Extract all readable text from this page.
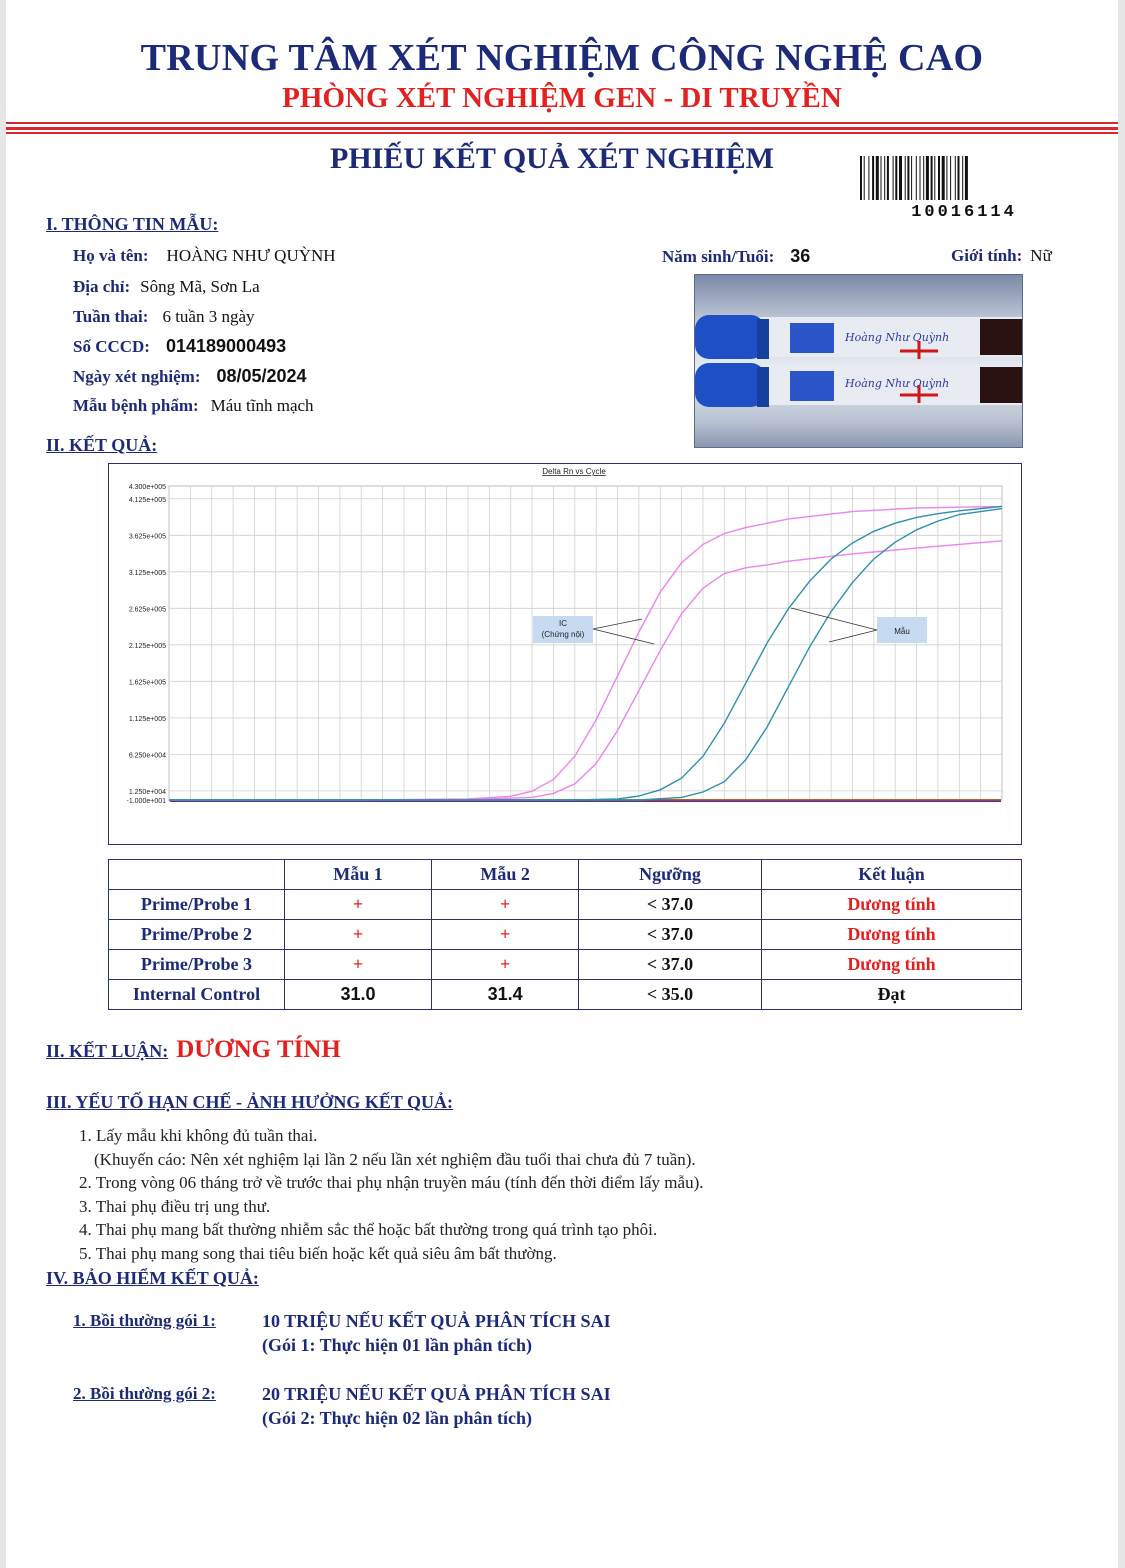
TRUNG TÂM XÉT NGHIỆM CÔNG NGHỆ CAO
PHÒNG XÉT NGHIỆM GEN - DI TRUYỀN
PHIẾU KẾT QUẢ XÉT NGHIỆM
10016114
I. THÔNG TIN MẪU:
Họ và tên: HOÀNG NHƯ QUỲNH	Năm sinh/Tuổi: 36	Giới tính: Nữ
Địa chỉ: Sông Mã, Sơn La
Tuần thai: 6 tuần 3 ngày
Số CCCD: 014189000493
Ngày xét nghiệm: 08/05/2024
Mẫu bệnh phẩm: Máu tĩnh mạch
Hoàng Như Quỳnh
Hoàng Như Quỳnh
II. KẾT QUẢ:
-1.000e+001
1.250e+004
6.250e+004
1.125e+005
1.625e+005
2.125e+005
2.625e+005
3.125e+005
3.625e+005
4.125e+005
4.300e+005
IC
(Chứng nội)	Mẫu
Delta Rn vs Cycle
	Mẫu 1	Mẫu 2	Ngưỡng	Kết luận
Prime/Probe 1	+	+	< 37.0	Dương tính
Prime/Probe 2	+	+	< 37.0	Dương tính
Prime/Probe 3	+	+	< 37.0	Dương tính
Internal Control	31.0	31.4	< 35.0	Đạt
II. KẾT LUẬN: DƯƠNG TÍNH
III. YẾU TỐ HẠN CHẾ - ẢNH HƯỞNG KẾT QUẢ:
1. Lấy mẫu khi không đủ tuần thai.
(Khuyến cáo: Nên xét nghiệm lại lần 2 nếu lần xét nghiệm đầu tuổi thai chưa đủ 7 tuần).
2. Trong vòng 06 tháng trở về trước thai phụ nhận truyền máu (tính đến thời điểm lấy mẫu).
3. Thai phụ điều trị ung thư.
4. Thai phụ mang bất thường nhiễm sắc thể hoặc bất thường trong quá trình tạo phôi.
5. Thai phụ mang song thai tiêu biến hoặc kết quả siêu âm bất thường.
IV. BẢO HIỂM KẾT QUẢ:
1. Bồi thường gói 1:	10 TRIỆU NẾU KẾT QUẢ PHÂN TÍCH SAI
(Gói 1: Thực hiện 01 lần phân tích)
2. Bồi thường gói 2:	20 TRIỆU NẾU KẾT QUẢ PHÂN TÍCH SAI
(Gói 2: Thực hiện 02 lần phân tích)
